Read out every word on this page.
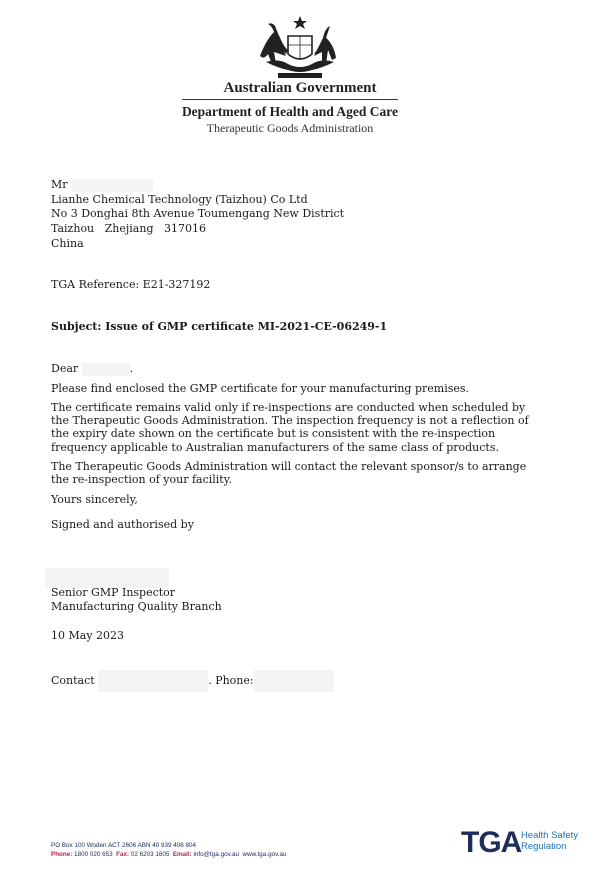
Australian Government
Department of Health and Aged Care
Therapeutic Goods Administration
Mr
Lianhe Chemical Technology (Taizhou) Co Ltd
No 3 Donghai 8th Avenue Toumengang New District
Taizhou   Zhejiang   317016
China
TGA Reference: E21-327192
Subject: Issue of GMP certificate MI-2021-CE-06249-1

Dear	.

Please find enclosed the GMP certificate for your manufacturing premises.

The certificate remains valid only if re-inspections are conducted when scheduled by the Therapeutic Goods Administration. The inspection frequency is not a reflection of the expiry date shown on the certificate but is consistent with the re-inspection frequency applicable to Australian manufacturers of the same class of products.

The Therapeutic Goods Administration will contact the relevant sponsor/s to arrange the re-inspection of your facility.

Yours sincerely,

Signed and authorised by

Senior GMP Inspector
Manufacturing Quality Branch
10 May 2023
Contact	. Phone:
PO Box 100 Woden ACT 2606 ABN 40 939 406 804
Phone: 1800 020 653 Fax: 02 6203 1605 Email: info@tga.gov.au www.tga.gov.au	TGA Health Safety Regulation
